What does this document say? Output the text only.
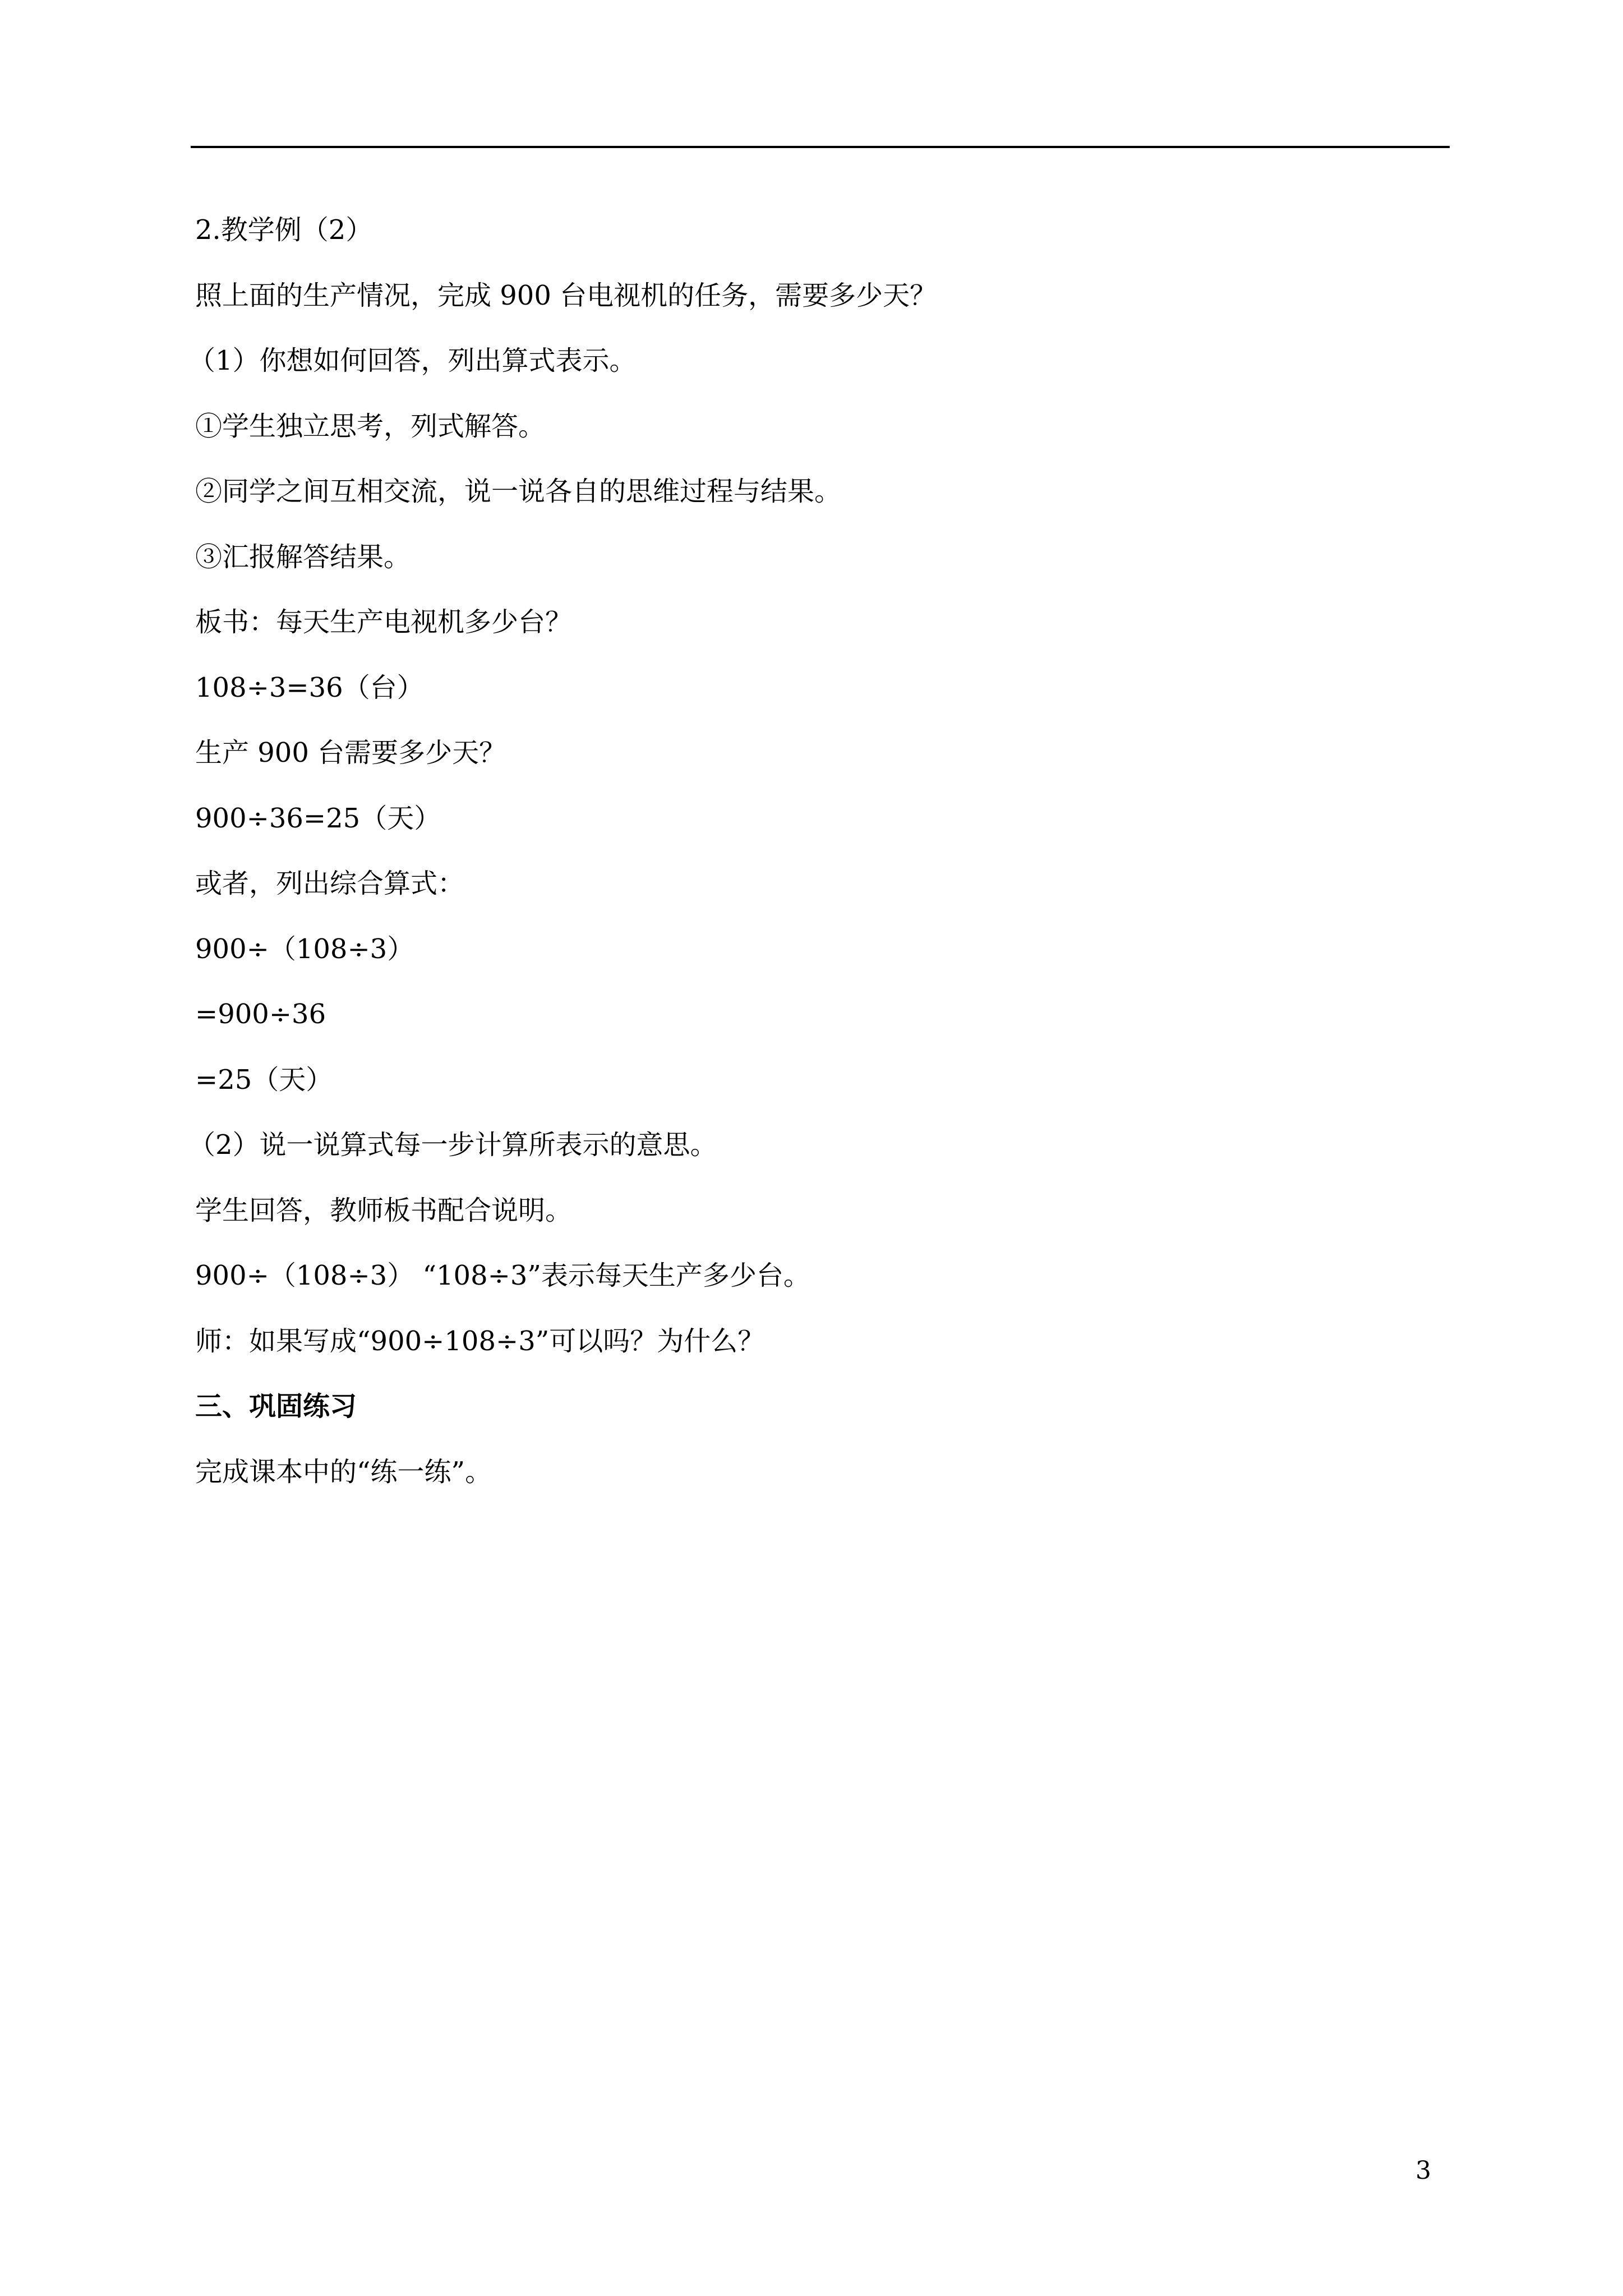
2.教学例（2）
照上面的生产情况，完成 900 台电视机的任务，需要多少天？
（1）你想如何回答，列出算式表示。
①学生独立思考，列式解答。
②同学之间互相交流，说一说各自的思维过程与结果。
③汇报解答结果。
板书：每天生产电视机多少台？
108÷3=36（台）
生产 900 台需要多少天？
900÷36=25（天）
或者，列出综合算式：
900÷（108÷3）
=900÷36
=25（天）
（2）说一说算式每一步计算所表示的意思。
学生回答，教师板书配合说明。
900÷（108÷3） “108÷3”表示每天生产多少台。
师：如果写成“900÷108÷3”可以吗？为什么？
三、巩固练习
完成课本中的“练一练”。
3
